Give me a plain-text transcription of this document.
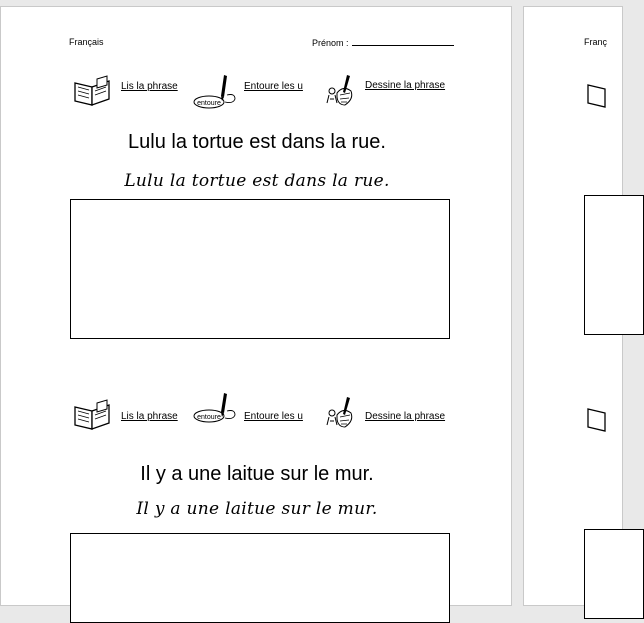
Français	Prénom :
Lis la phrase
entoure
Entoure les u	Dessine la phrase
Lulu la tortue est dans la rue.
Lulu la tortue est dans la rue.
Lis la phrase	entoure Entoure les u	Dessine la phrase
Il y a une laitue sur le mur.
Il y a une laitue sur le mur.
Franç
